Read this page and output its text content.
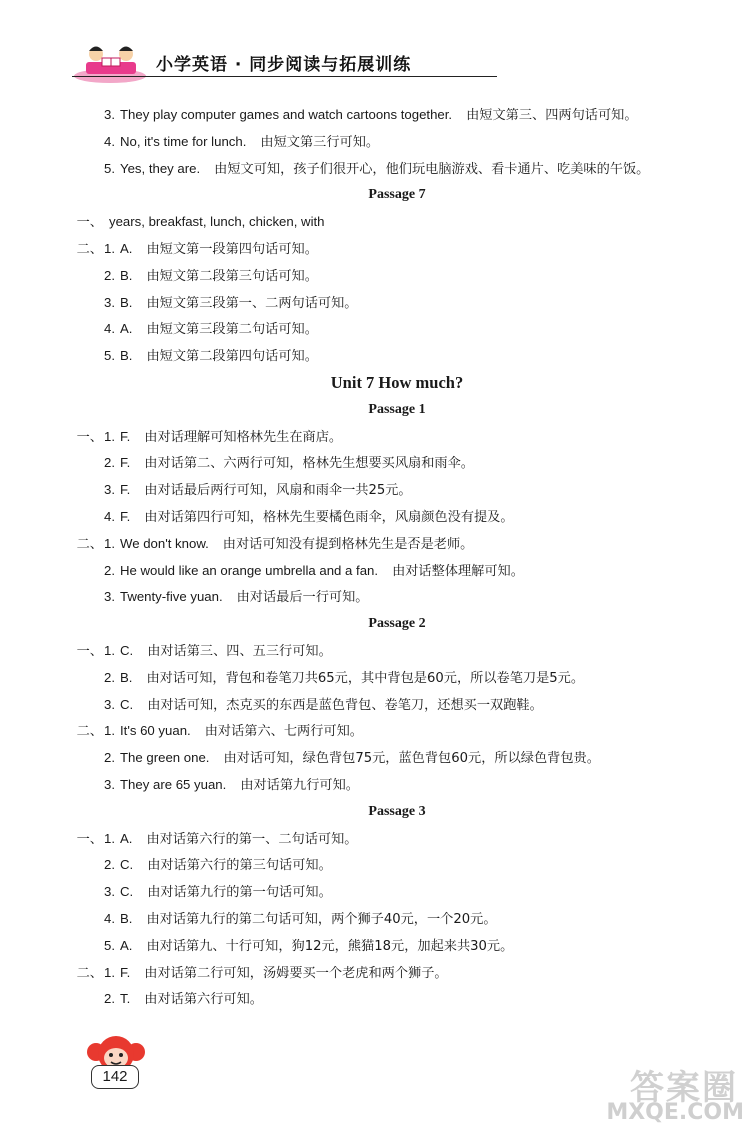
小学英语 · 同步阅读与拓展训练
3. They play computer games and watch cartoons together. 由短文第三、四两句话可知。
4. No, it's time for lunch. 由短文第三行可知。
5. Yes, they are. 由短文可知，孩子们很开心，他们玩电脑游戏、看卡通片、吃美味的午饭。
Passage 7
一、 years, breakfast, lunch, chicken, with
二、1. A. 由短文第一段第四句话可知。
2. B. 由短文第二段第三句话可知。
3. B. 由短文第三段第一、二两句话可知。
4. A. 由短文第三段第二句话可知。
5. B. 由短文第二段第四句话可知。
Unit 7 How much?
Passage 1
一、1. F. 由对话理解可知格林先生在商店。
2. F. 由对话第二、六两行可知，格林先生想要买风扇和雨伞。
3. F. 由对话最后两行可知，风扇和雨伞一共25元。
4. F. 由对话第四行可知，格林先生要橘色雨伞，风扇颜色没有提及。
二、1. We don't know. 由对话可知没有提到格林先生是否是老师。
2. He would like an orange umbrella and a fan. 由对话整体理解可知。
3. Twenty-five yuan. 由对话最后一行可知。
Passage 2
一、1. C. 由对话第三、四、五三行可知。
2. B. 由对话可知，背包和卷笔刀共65元，其中背包是60元，所以卷笔刀是5元。
3. C. 由对话可知，杰克买的东西是蓝色背包、卷笔刀，还想买一双跑鞋。
二、1. It's 60 yuan. 由对话第六、七两行可知。
2. The green one. 由对话可知，绿色背包75元，蓝色背包60元，所以绿色背包贵。
3. They are 65 yuan. 由对话第九行可知。
Passage 3
一、1. A. 由对话第六行的第一、二句话可知。
2. C. 由对话第六行的第三句话可知。
3. C. 由对话第九行的第一句话可知。
4. B. 由对话第九行的第二句话可知，两个狮子40元，一个20元。
5. A. 由对话第九、十行可知，狗12元，熊猫18元，加起来共30元。
二、1. F. 由对话第二行可知，汤姆要买一个老虎和两个狮子。
2. T. 由对话第六行可知。
142	答案圈
MXQE.COM
